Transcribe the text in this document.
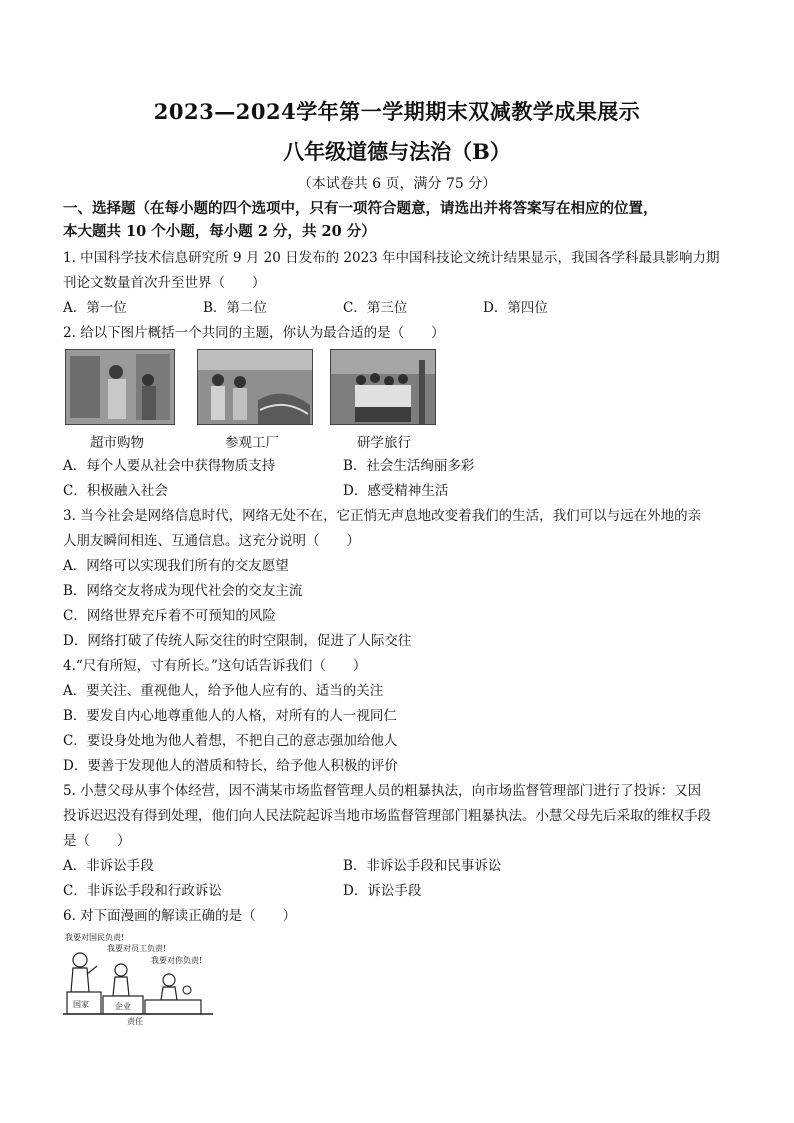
2023—2024学年第一学期期末双减教学成果展示
八年级道德与法治（B）
（本试卷共 6 页，满分 75 分）
一、选择题（在每小题的四个选项中，只有一项符合题意，请选出并将答案写在相应的位置，
本大题共 10 个小题，每小题 2 分，共 20 分）
1. 中国科学技术信息研究所 9 月 20 日发布的 2023 年中国科技论文统计结果显示，我国各学科最具影响力期
刊论文数量首次升至世界（　　）
A．第一位	B．第二位	C．第三位	D．第四位
2. 给以下图片概括一个共同的主题，你认为最合适的是（　　）
超市购物	参观工厂	研学旅行
A．每个人要从社会中获得物质支持	B．社会生活绚丽多彩
C．积极融入社会	D．感受精神生活
3. 当今社会是网络信息时代，网络无处不在，它正悄无声息地改变着我们的生活，我们可以与远在外地的亲
人朋友瞬间相连、互通信息。这充分说明（　　）
A．网络可以实现我们所有的交友愿望
B．网络交友将成为现代社会的交友主流
C．网络世界充斥着不可预知的风险
D．网络打破了传统人际交往的时空限制，促进了人际交往
4.“尺有所短，寸有所长。”这句话告诉我们（　　）
A．要关注、重视他人，给予他人应有的、适当的关注
B．要发自内心地尊重他人的人格，对所有的人一视同仁
C．要设身处地为他人着想，不把自己的意志强加给他人
D．要善于发现他人的潜质和特长，给予他人积极的评价
5. 小慧父母从事个体经营，因不满某市场监督管理人员的粗暴执法，向市场监督管理部门进行了投诉：又因
投诉迟迟没有得到处理，他们向人民法院起诉当地市场监督管理部门粗暴执法。小慧父母先后采取的维权手段
是（　　）
A．非诉讼手段	B．非诉讼手段和民事诉讼
C．非诉讼手段和行政诉讼	D．诉讼手段
6. 对下面漫画的解读正确的是（　　）
我要对国民负责!
我要对员工负责!
我要对你负责!
国家	企业
责任
